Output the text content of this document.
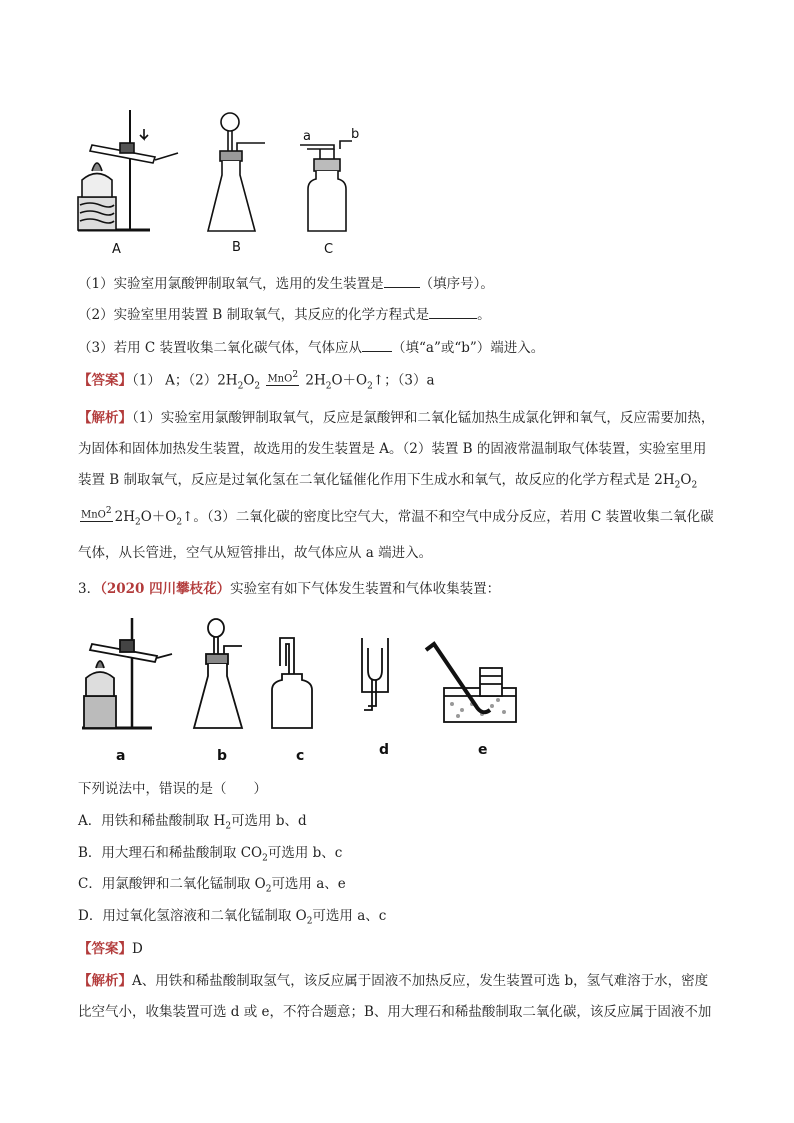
A	B	C
a	b
（1）实验室用氯酸钾制取氧气，选用的发生装置是	（填序号）。
（2）实验室里用装置 B 制取氧气，其反应的化学方程式是	。
（3）若用 C 装置收集二氧化碳气体，气体应从 （填“a”或“b”）端进入。
【答案】（1） A；$(2)2H_2O_2$
MnO$^2$ $2H_2O+O_2↑$；（3）a
【解析】（1）实验室用氯酸钾制取氧气，反应是氯酸钾和二氧化锰加热生成氯化钾和氧气，反应需要加热，
为固体和固体加热发生装置，故选用的发生装置是 A。（2）装置 B 的固液常温制取气体装置，实验室里用
装置 B 制取氧气，反应是过氧化氢在二氧化锰催化作用下生成水和氧气，故反应的化学方程式是 $2H_2O_2$
MnO$^2$ $2H_2O+O_2↑$。（3）二氧化碳的密度比空气大，常温不和空气中成分反应，若用 C 装置收集二氧化碳
气体，从长管进，空气从短管排出，故气体应从 a 端进入。
3．（2020 四川攀枝花）实验室有如下气体发生装置和气体收集装置：
a	b	c	d	e
下列说法中，错误的是（　　）
A．用铁和稀盐酸制取 $H_2$可选用 b、d
B．用大理石和稀盐酸制取 $CO_2$可选用 b、c
C．用氯酸钾和二氧化锰制取 $O_2$可选用 a、e
D．用过氧化氢溶液和二氧化锰制取 $O_2$可选用 a、c
【答案】D
【解析】A、用铁和稀盐酸制取氢气，该反应属于固液不加热反应，发生装置可选 b，氢气难溶于水，密度
比空气小，收集装置可选 d 或 e，不符合题意；B、用大理石和稀盐酸制取二氧化碳，该反应属于固液不加
